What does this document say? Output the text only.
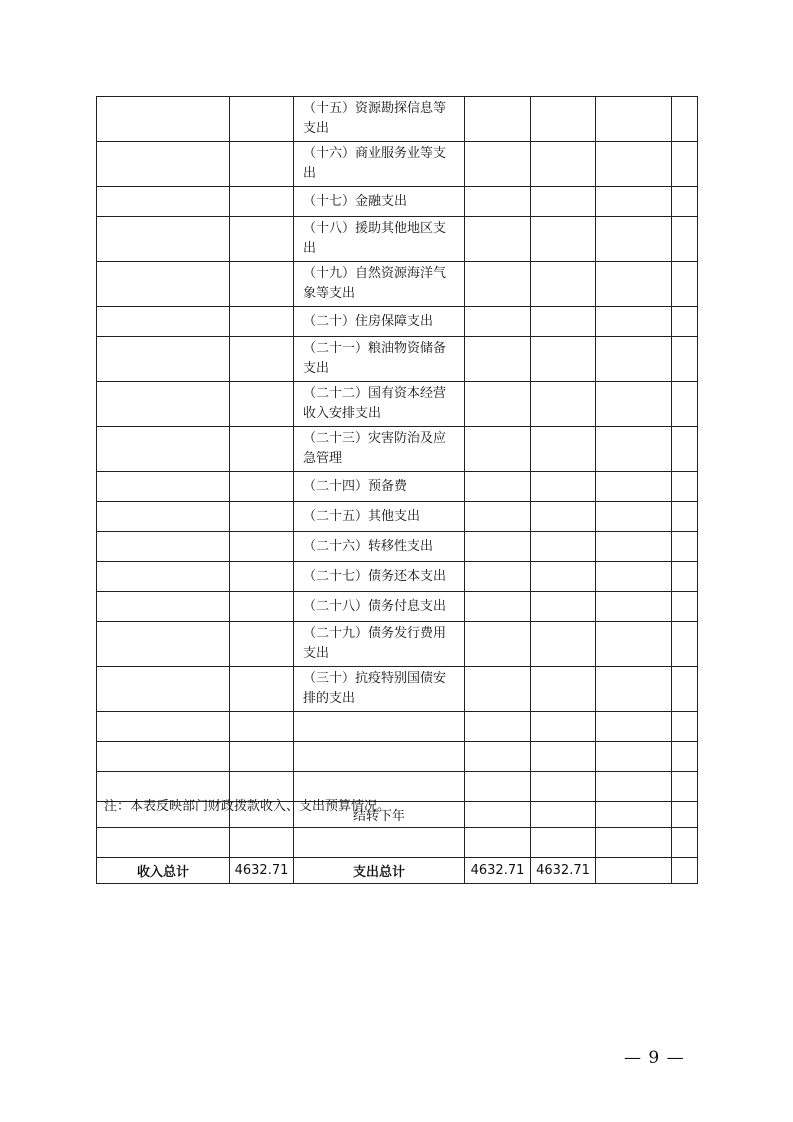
		（十五）资源勘探信息等支出				
		（十六）商业服务业等支出				
		（十七）金融支出				
		（十八）援助其他地区支出				
		（十九）自然资源海洋气象等支出				
		（二十）住房保障支出				
		（二十一）粮油物资储备支出				
		（二十二）国有资本经营收入安排支出				
		（二十三）灾害防治及应急管理				
		（二十四）预备费				
		（二十五）其他支出				
		（二十六）转移性支出				
		（二十七）债务还本支出				
		（二十八）债务付息支出				
		（二十九）债务发行费用支出				
		（三十）抗疫特别国债安排的支出				

		结转下年				

收入总计	4632.71	支出总计	4632.71	4632.71		
注：本表反映部门财政拨款收入、支出预算情况。
— 9 —
